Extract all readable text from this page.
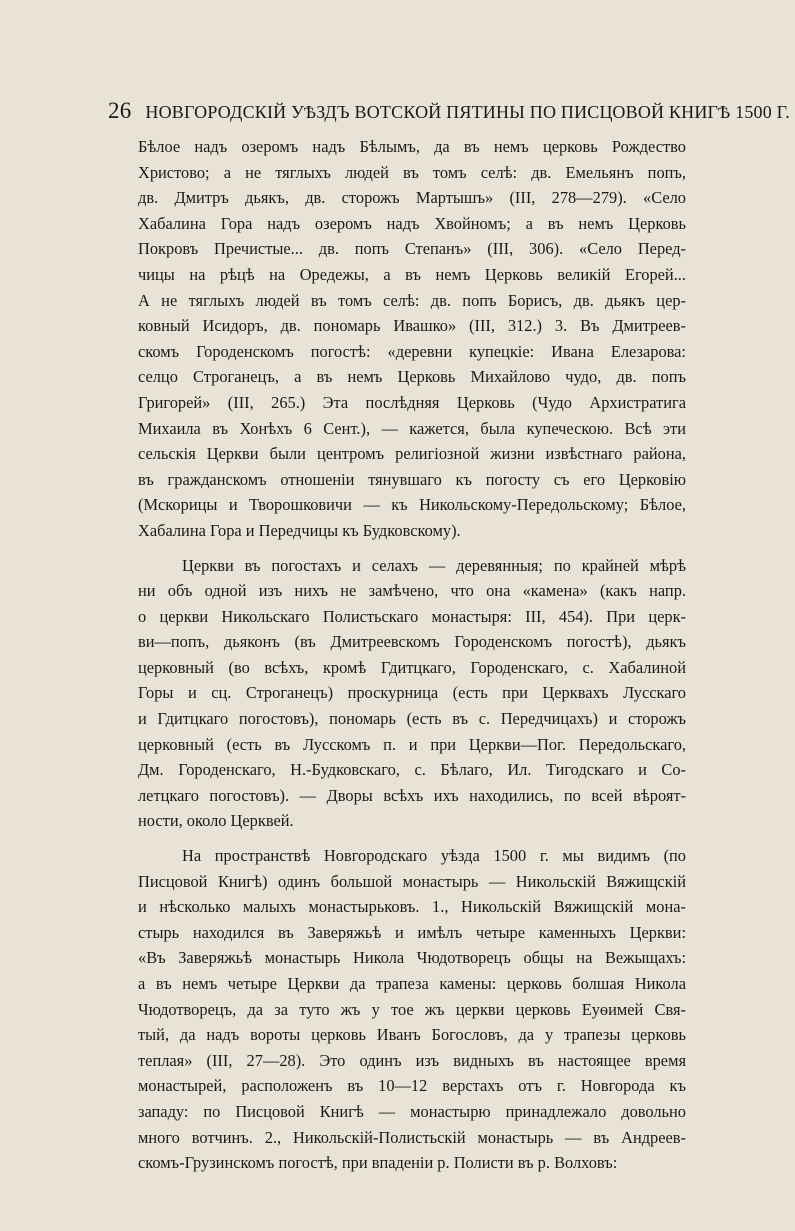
26 НОВГОРОДСКІЙ УѢЗДЪ ВОТСКОЙ ПЯТИНЫ ПО ПИСЦОВОЙ КНИГѢ 1500 Г.
Бѣлое надъ озеромъ надъ Бѣлымъ, да въ немъ церковь Рождество
Христово; а не тяглыхъ людей въ томъ селѣ: дв. Емельянъ попъ,
дв. Дмитръ дьякъ, дв. сторожъ Мартышъ» (III, 278—279). «Село
Хабалина Гора надъ озеромъ надъ Хвойномъ; а въ немъ Церковь
Покровъ Пречистые... дв. попъ Степанъ» (III, 306). «Село Перед-
чицы на рѣцѣ на Оредежы, а въ немъ Церковь великій Егорей...
А не тяглыхъ людей въ томъ селѣ: дв. попъ Борисъ, дв. дьякъ цер-
ковный Исидоръ, дв. пономарь Ивашко» (III, 312.) 3. Въ Дмитреев-
скомъ Городенскомъ погостѣ: «деревни купецкіе: Ивана Елезарова:
селцо Строганецъ, а въ немъ Церковь Михайлово чудо, дв. попъ
Григорей» (III, 265.) Эта послѣдняя Церковь (Чудо Архистратига
Михаила въ Хонѣхъ 6 Сент.), — кажется, была купеческою. Всѣ эти
сельскія Церкви были центромъ религіозной жизни извѣстнаго района,
въ гражданскомъ отношеніи тянувшаго къ погосту съ его Церковію
(Мскорицы и Творошковичи — къ Никольскому-Передольскому; Бѣлое,
Хабалина Гора и Передчицы къ Будковскому).
Церкви въ погостахъ и селахъ — деревянныя; по крайней мѣрѣ
ни объ одной изъ нихъ не замѣчено, что она «камена» (какъ напр.
о церкви Никольскаго Полистьскаго монастыря: III, 454). При церк-
ви—попъ, дьяконъ (въ Дмитреевскомъ Городенскомъ погостѣ), дьякъ
церковный (во всѣхъ, кромѣ Гдитцкаго, Городенскаго, с. Хабалиной
Горы и сц. Строганецъ) проскурница (есть при Церквахъ Лусскаго
и Гдитцкаго погостовъ), пономарь (есть въ с. Передчицахъ) и сторожъ
церковный (есть въ Лусскомъ п. и при Церкви—Пог. Передольскаго,
Дм. Городенскаго, Н.-Будковскаго, с. Бѣлаго, Ил. Тигодскаго и Со-
летцкаго погостовъ). — Дворы всѣхъ ихъ находились, по всей вѣроят-
ности, около Церквей.
На пространствѣ Новгородскаго уѣзда 1500 г. мы видимъ (по
Писцовой Книгѣ) одинъ большой монастырь — Никольскій Вяжищскій
и нѣсколько малыхъ монастырьковъ. 1., Никольскій Вяжищскій мона-
стырь находился въ Заверяжьѣ и имѣлъ четыре каменныхъ Церкви:
«Въ Заверяжьѣ монастырь Никола Чюдотворецъ общы на Вежыщахъ:
а въ немъ четыре Церкви да трапеза камены: церковь болшая Никола
Чюдотворецъ, да за туто жъ у тое жъ церкви церковь Еуѳимей Свя-
тый, да надъ вороты церковь Иванъ Богословъ, да у трапезы церковь
теплая» (III, 27—28). Это одинъ изъ видныхъ въ настоящее время
монастырей, расположенъ въ 10—12 верстахъ отъ г. Новгорода къ
западу: по Писцовой Книгѣ — монастырю принадлежало довольно
много вотчинъ. 2., Никольскій-Полистьскій монастырь — въ Андреев-
скомъ-Грузинскомъ погостѣ, при впаденіи р. Полисти въ р. Волховъ:
